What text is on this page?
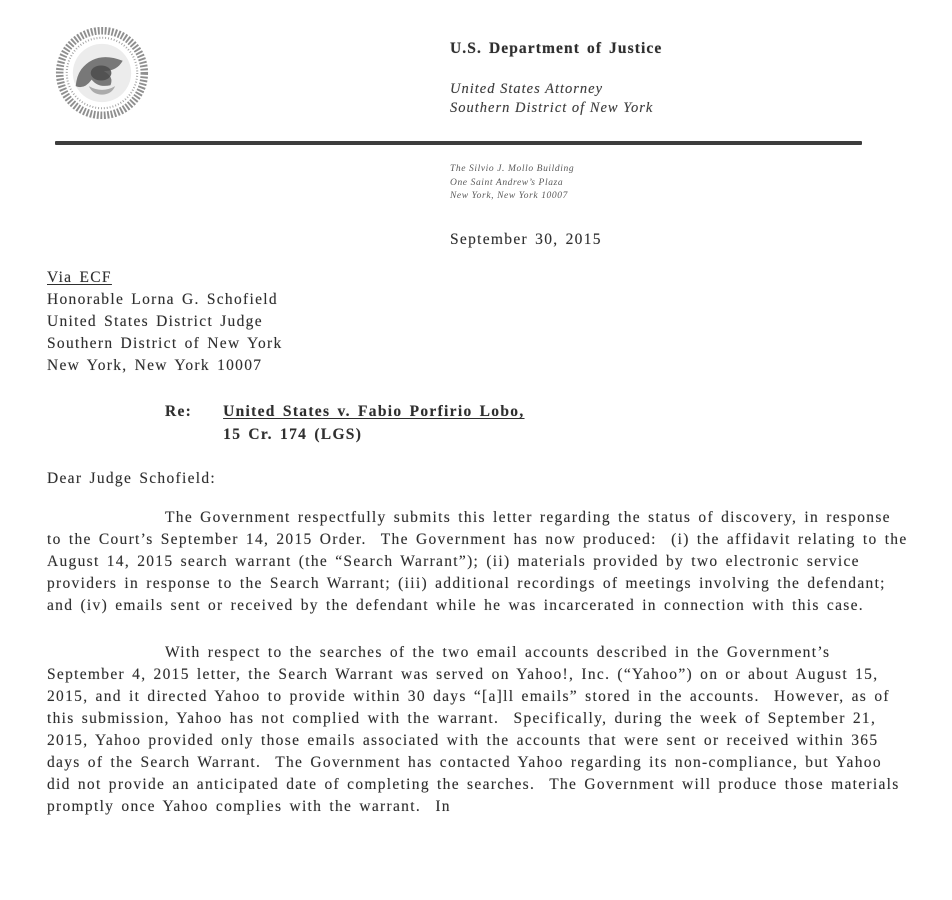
U.S. Department of Justice
United States Attorney
Southern District of New York
The Silvio J. Mollo Building
One Saint Andrew’s Plaza
New York, New York 10007
September 30, 2015
Via ECF
Honorable Lorna G. Schofield
United States District Judge
Southern District of New York
New York, New York 10007
Re: United States v. Fabio Porfirio Lobo,
15 Cr. 174 (LGS)
Dear Judge Schofield:

The Government respectfully submits this letter regarding the status of discovery, in response to the Court’s September 14, 2015 Order.  The Government has now produced:  (i) the affidavit relating to the August 14, 2015 search warrant (the “Search Warrant”); (ii) materials provided by two electronic service providers in response to the Search Warrant; (iii) additional recordings of meetings involving the defendant; and (iv) emails sent or received by the defendant while he was incarcerated in connection with this case.

With respect to the searches of the two email accounts described in the Government’s September 4, 2015 letter, the Search Warrant was served on Yahoo!, Inc. (“Yahoo”) on or about August 15, 2015, and it directed Yahoo to provide within 30 days “[a]ll emails” stored in the accounts.  However, as of this submission, Yahoo has not complied with the warrant.  Specifically, during the week of September 21, 2015, Yahoo provided only those emails associated with the accounts that were sent or received within 365 days of the Search Warrant.  The Government has contacted Yahoo regarding its non-compliance, but Yahoo did not provide an anticipated date of completing the searches.  The Government will produce those materials promptly once Yahoo complies with the warrant.  In
